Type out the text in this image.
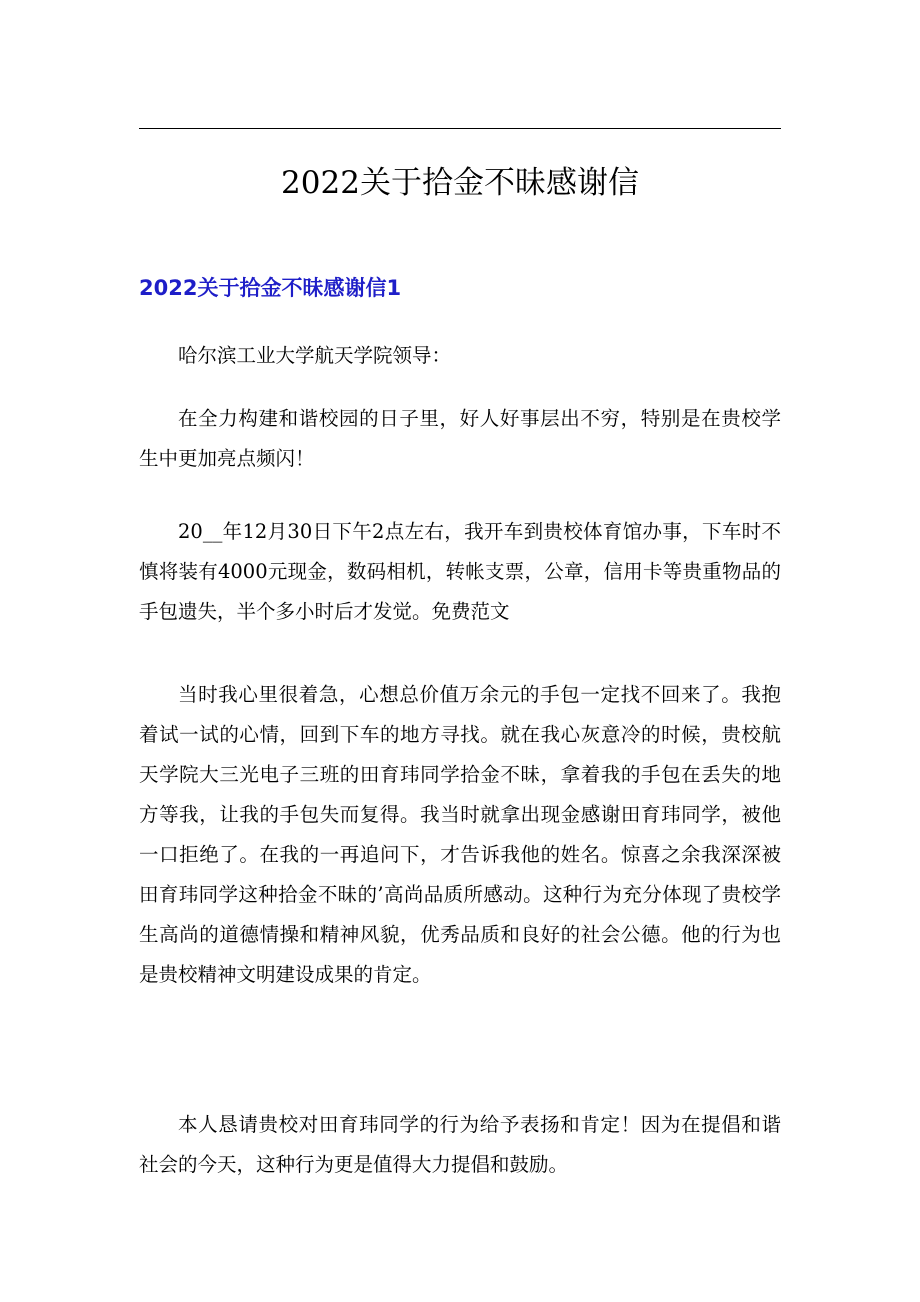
2022关于拾金不昧感谢信
2022关于拾金不昧感谢信1
哈尔滨工业大学航天学院领导：
在全力构建和谐校园的日子里，好人好事层出不穷，特别是在贵校学生中更加亮点频闪！
20__年12月30日下午2点左右，我开车到贵校体育馆办事，下车时不慎将装有4000元现金，数码相机，转帐支票，公章，信用卡等贵重物品的手包遗失，半个多小时后才发觉。免费范文
当时我心里很着急，心想总价值万余元的手包一定找不回来了。我抱着试一试的心情，回到下车的地方寻找。就在我心灰意冷的时候，贵校航天学院大三光电子三班的田育玮同学拾金不昧，拿着我的手包在丢失的地方等我，让我的手包失而复得。我当时就拿出现金感谢田育玮同学，被他一口拒绝了。在我的一再追问下，才告诉我他的姓名。惊喜之余我深深被田育玮同学这种拾金不昧的’高尚品质所感动。这种行为充分体现了贵校学生高尚的道德情操和精神风貌，优秀品质和良好的社会公德。他的行为也是贵校精神文明建设成果的肯定。
本人恳请贵校对田育玮同学的行为给予表扬和肯定！因为在提倡和谐社会的今天，这种行为更是值得大力提倡和鼓励。
